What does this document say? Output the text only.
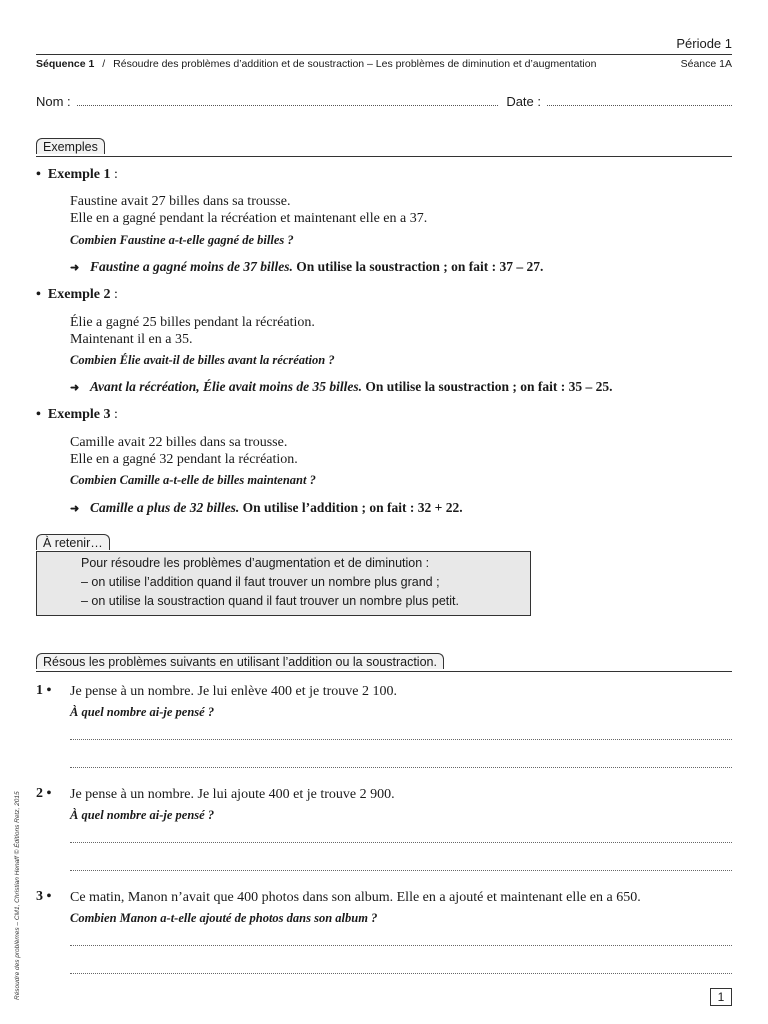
Période 1
Séquence 1 / Résoudre des problèmes d’addition et de soustraction – Les problèmes de diminution et d’augmentation	Séance 1A
Nom :	Date :
Exemples
• Exemple 1 :
Faustine avait 27 billes dans sa trousse.
Elle en a gagné pendant la récréation et maintenant elle en a 37.
Combien Faustine a-t-elle gagné de billes ?
➜ Faustine a gagné moins de 37 billes. On utilise la soustraction ; on fait : 37 – 27.
• Exemple 2 :
Élie a gagné 25 billes pendant la récréation.
Maintenant il en a 35.
Combien Élie avait-il de billes avant la récréation ?
➜ Avant la récréation, Élie avait moins de 35 billes. On utilise la soustraction ; on fait : 35 – 25.
• Exemple 3 :
Camille avait 22 billes dans sa trousse.
Elle en a gagné 32 pendant la récréation.
Combien Camille a-t-elle de billes maintenant ?
➜ Camille a plus de 32 billes. On utilise l’addition ; on fait : 32 + 22.
À retenir…
Pour résoudre les problèmes d’augmentation et de diminution :
– on utilise l’addition quand il faut trouver un nombre plus grand ;
– on utilise la soustraction quand il faut trouver un nombre plus petit.
Résous les problèmes suivants en utilisant l’addition ou la soustraction.
1 • Je pense à un nombre. Je lui enlève 400 et je trouve 2 100.
À quel nombre ai-je pensé ?
2 • Je pense à un nombre. Je lui ajoute 400 et je trouve 2 900.
À quel nombre ai-je pensé ?
3 • Ce matin, Manon n’avait que 400 photos dans son album. Elle en a ajouté et maintenant elle en a 650.
Combien Manon a-t-elle ajouté de photos dans son album ?
Résoudre des problèmes – CM1, Christian Henaff © Éditions Retz, 2015	1
